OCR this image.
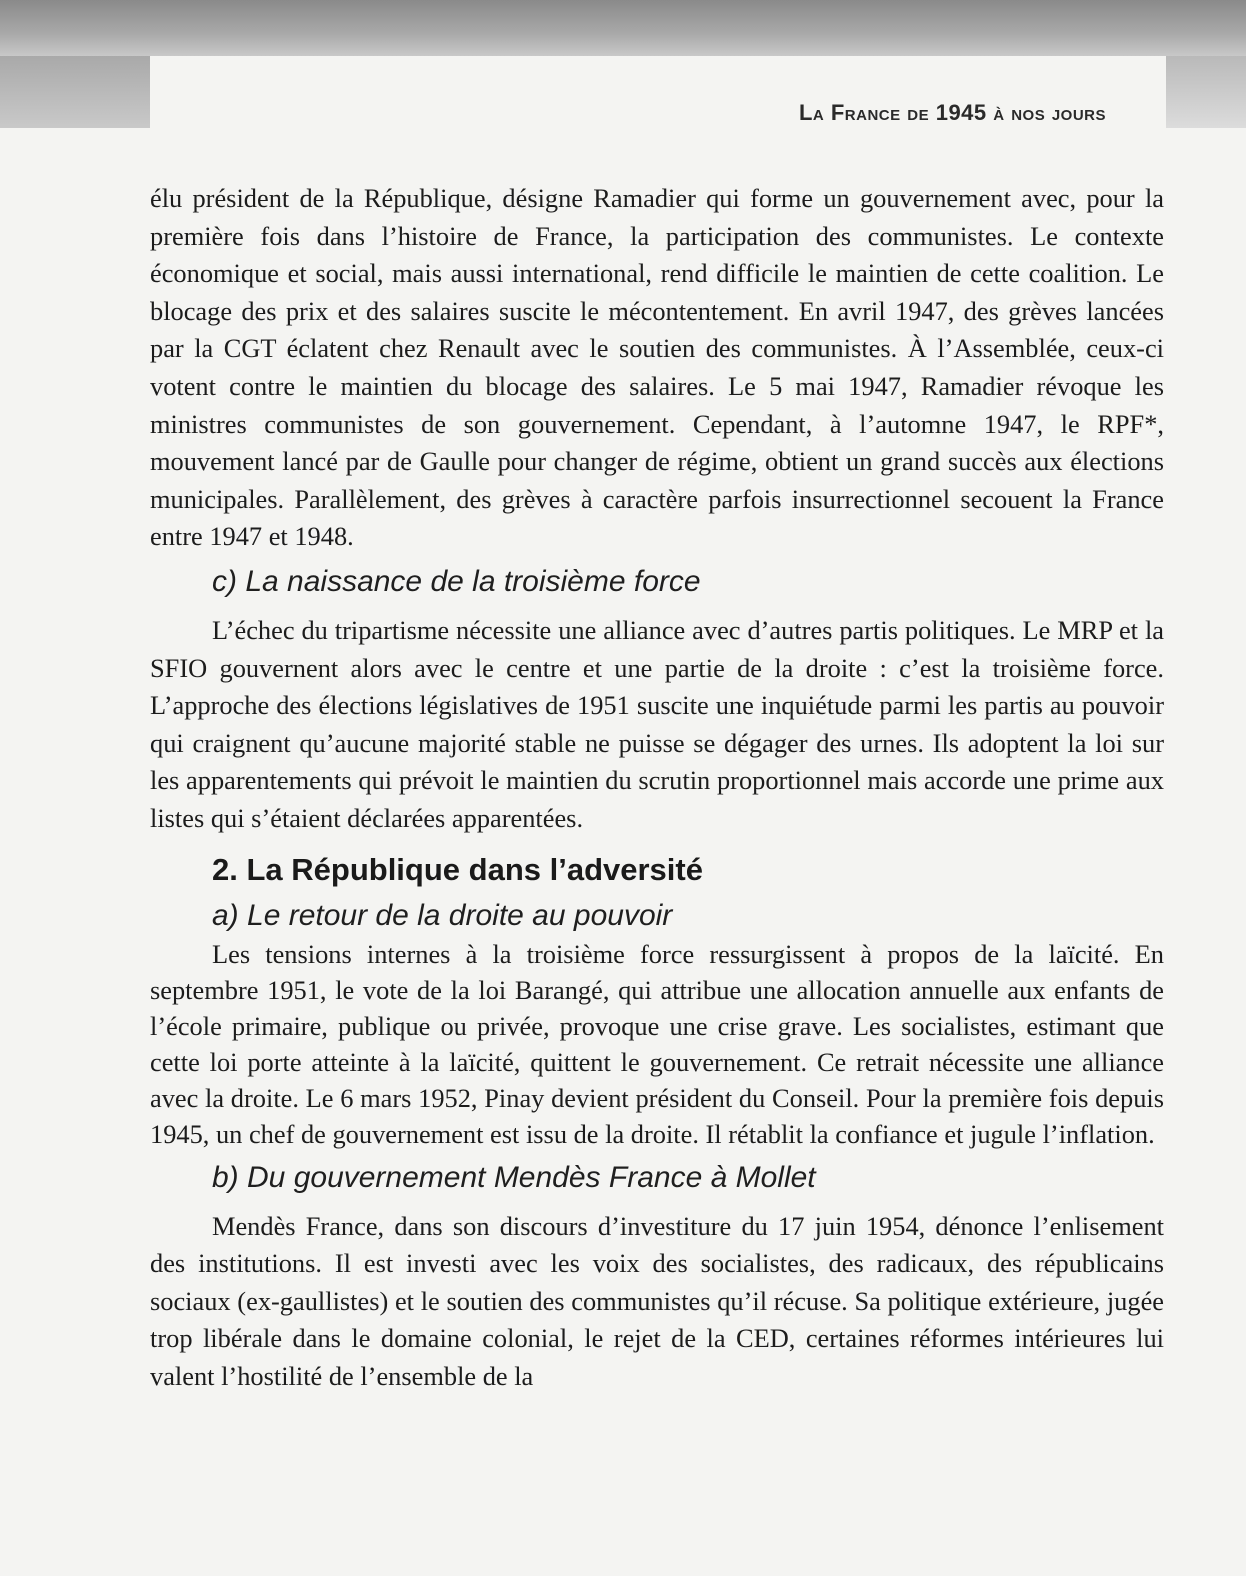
La France de 1945 à nos jours

élu président de la République, désigne Ramadier qui forme un gouvernement avec, pour la première fois dans l’histoire de France, la participation des communistes. Le contexte économique et social, mais aussi international, rend difficile le maintien de cette coalition. Le blocage des prix et des salaires suscite le mécontentement. En avril 1947, des grèves lancées par la CGT éclatent chez Renault avec le soutien des communistes. À l’Assemblée, ceux-ci votent contre le maintien du blocage des salaires. Le 5 mai 1947, Ramadier révoque les ministres communistes de son gouvernement. Cependant, à l’automne 1947, le RPF*, mouvement lancé par de Gaulle pour changer de régime, obtient un grand succès aux élections municipales. Parallèlement, des grèves à caractère parfois insurrectionnel secouent la France entre 1947 et 1948.

c) La naissance de la troisième force

L’échec du tripartisme nécessite une alliance avec d’autres partis politiques. Le MRP et la SFIO gouvernent alors avec le centre et une partie de la droite : c’est la troisième force. L’approche des élections législatives de 1951 suscite une inquiétude parmi les partis au pouvoir qui craignent qu’aucune majorité stable ne puisse se dégager des urnes. Ils adoptent la loi sur les apparentements qui prévoit le maintien du scrutin proportionnel mais accorde une prime aux listes qui s’étaient déclarées apparentées.

2. La République dans l’adversité
a) Le retour de la droite au pouvoir

Les tensions internes à la troisième force ressurgissent à propos de la laïcité. En septembre 1951, le vote de la loi Barangé, qui attribue une allocation annuelle aux enfants de l’école primaire, publique ou privée, provoque une crise grave. Les socialistes, estimant que cette loi porte atteinte à la laïcité, quittent le gouvernement. Ce retrait nécessite une alliance avec la droite. Le 6 mars 1952, Pinay devient président du Conseil. Pour la première fois depuis 1945, un chef de gouvernement est issu de la droite. Il rétablit la confiance et jugule l’inflation.

b) Du gouvernement Mendès France à Mollet

Mendès France, dans son discours d’investiture du 17 juin 1954, dénonce l’enlisement des institutions. Il est investi avec les voix des socialistes, des radicaux, des républicains sociaux (ex-gaullistes) et le soutien des communistes qu’il récuse. Sa politique extérieure, jugée trop libérale dans le domaine colonial, le rejet de la CED, certaines réformes intérieures lui valent l’hostilité de l’ensemble de la
